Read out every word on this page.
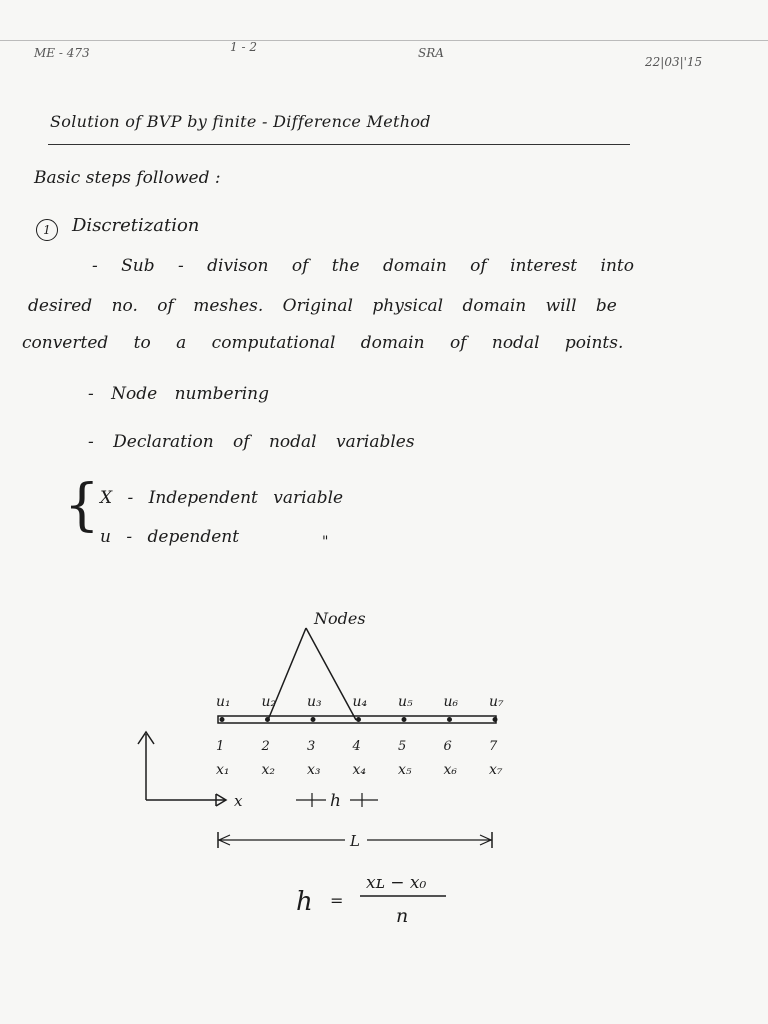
ME - 473	1 - 2	SRA
22|03|'15
Solution of BVP by finite - Difference Method
Basic steps followed :
1	Discretization
- Sub - divison of the domain of interest into
desired no. of meshes. Original physical domain will be
converted to a computational domain of nodal points.
- Node numbering
- Declaration of nodal variables
{ X - Independent variable
u - dependent	"
Nodes
u₁
1
x₁
u₂
2
x₂
u₃
3
x₃
u₄
4
x₄
u₅
5
x₅
u₆
6
x₆
u₇
7
x₇
x	h
L
h =
xʟ − x₀
n
